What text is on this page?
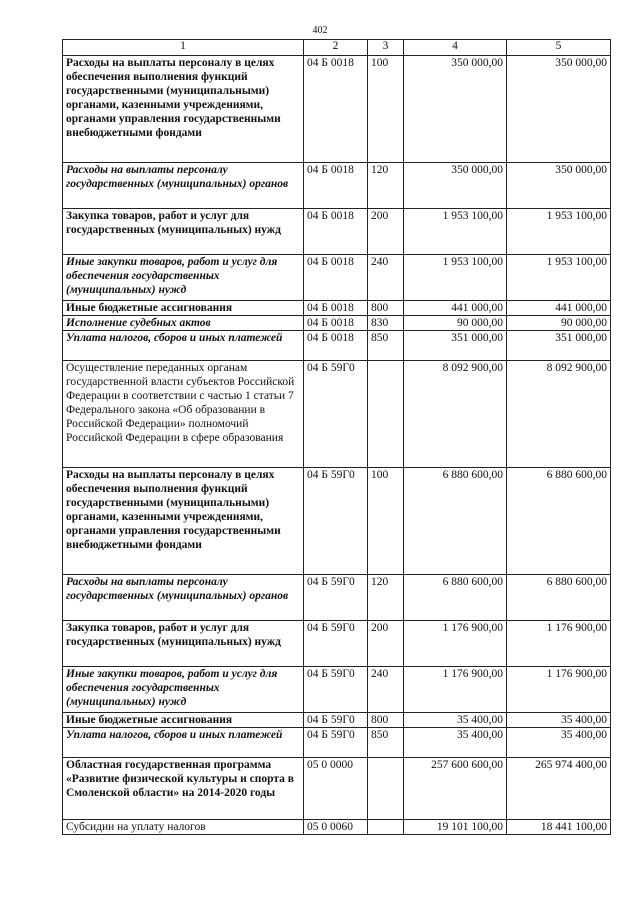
402
1	2	3	4	5
Расходы на выплаты персоналу в целях обеспечения выполнения функций государственными (муниципальными) органами, казенными учреждениями, органами управления государственными внебюджетными фондами	04 Б 0018	100	350 000,00	350 000,00
Расходы на выплаты персоналу государственных (муниципальных) органов	04 Б 0018	120	350 000,00	350 000,00
Закупка товаров, работ и услуг для государственных (муниципальных) нужд	04 Б 0018	200	1 953 100,00	1 953 100,00
Иные закупки товаров, работ и услуг для обеспечения государственных (муниципальных) нужд	04 Б 0018	240	1 953 100,00	1 953 100,00
Иные бюджетные ассигнования	04 Б 0018	800	441 000,00	441 000,00
Исполнение судебных актов	04 Б 0018	830	90 000,00	90 000,00
Уплата налогов, сборов и иных платежей	04 Б 0018	850	351 000,00	351 000,00
Осуществление переданных органам государственной власти субъектов Российской Федерации в соответствии с частью 1 статьи 7 Федерального закона «Об образовании в Российской Федерации» полномочий Российской Федерации в сфере образования	04 Б 59Г0		8 092 900,00	8 092 900,00
Расходы на выплаты персоналу в целях обеспечения выполнения функций государственными (муниципальными) органами, казенными учреждениями, органами управления государственными внебюджетными фондами	04 Б 59Г0	100	6 880 600,00	6 880 600,00
Расходы на выплаты персоналу государственных (муниципальных) органов	04 Б 59Г0	120	6 880 600,00	6 880 600,00
Закупка товаров, работ и услуг для государственных (муниципальных) нужд	04 Б 59Г0	200	1 176 900,00	1 176 900,00
Иные закупки товаров, работ и услуг для обеспечения государственных (муниципальных) нужд	04 Б 59Г0	240	1 176 900,00	1 176 900,00
Иные бюджетные ассигнования	04 Б 59Г0	800	35 400,00	35 400,00
Уплата налогов, сборов и иных платежей	04 Б 59Г0	850	35 400,00	35 400,00
Областная государственная программа «Развитие физической культуры и спорта в Смоленской области» на 2014-2020 годы	05 0 0000		257 600 600,00	265 974 400,00
Субсидии на уплату налогов	05 0 0060		19 101 100,00	18 441 100,00
